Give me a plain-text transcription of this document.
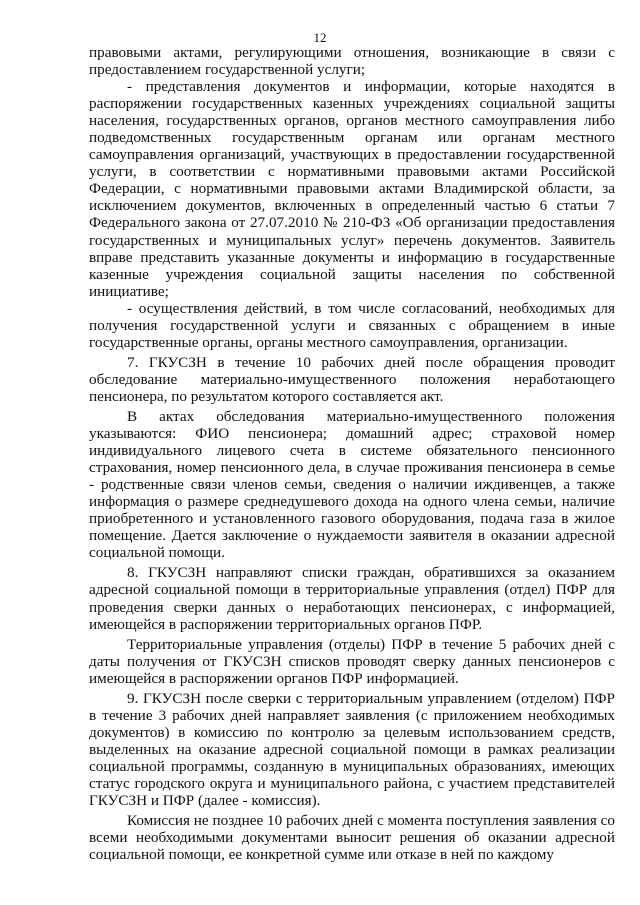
12

правовыми актами, регулирующими отношения, возникающие в связи с предоставлением государственной услуги;

- представления документов и информации, которые находятся в распоряжении государственных казенных учреждениях социальной защиты населения, государственных органов, органов местного самоуправления либо подведомственных государственным органам или органам местного самоуправления организаций, участвующих в предоставлении государственной услуги, в соответствии с нормативными правовыми актами Российской Федерации, с нормативными правовыми актами Владимирской области, за исключением документов, включенных в определенный частью 6 статьи 7 Федерального закона от 27.07.2010 № 210-ФЗ «Об организации предоставления государственных и муниципальных услуг» перечень документов. Заявитель вправе представить указанные документы и информацию в государственные казенные учреждения социальной защиты населения по собственной инициативе;

- осуществления действий, в том числе согласований, необходимых для получения государственной услуги и связанных с обращением в иные государственные органы, органы местного самоуправления, организации.

7. ГКУСЗН в течение 10 рабочих дней после обращения проводит обследование материально-имущественного положения неработающего пенсионера, по результатом которого составляется акт.

В актах обследования материально-имущественного положения указываются: ФИО пенсионера; домашний адрес; страховой номер индивидуального лицевого счета в системе обязательного пенсионного страхования, номер пенсионного дела, в случае проживания пенсионера в семье - родственные связи членов семьи, сведения о наличии иждивенцев, а также информация о размере среднедушевого дохода на одного члена семьи, наличие приобретенного и установленного газового оборудования, подача газа в жилое помещение. Дается заключение о нуждаемости заявителя в оказании адресной социальной помощи.

8. ГКУСЗН направляют списки граждан, обратившихся за оказанием адресной социальной помощи в территориальные управления (отдел) ПФР для проведения сверки данных о неработающих пенсионерах, с информацией, имеющейся в распоряжении территориальных органов ПФР.

Территориальные управления (отделы) ПФР в течение 5 рабочих дней с даты получения от ГКУСЗН списков проводят сверку данных пенсионеров с имеющейся в распоряжении органов ПФР информацией.

9. ГКУСЗН после сверки с территориальным управлением (отделом) ПФР в течение 3 рабочих дней направляет заявления (с приложением необходимых документов) в комиссию по контролю за целевым использованием средств, выделенных на оказание адресной социальной помощи в рамках реализации социальной программы, созданную в муниципальных образованиях, имеющих статус городского округа и муниципального района, с участием представителей ГКУСЗН и ПФР (далее - комиссия).

Комиссия не позднее 10 рабочих дней с момента поступления заявления со всеми необходимыми документами выносит решения об оказании адресной социальной помощи, ее конкретной сумме или отказе в ней по каждому
